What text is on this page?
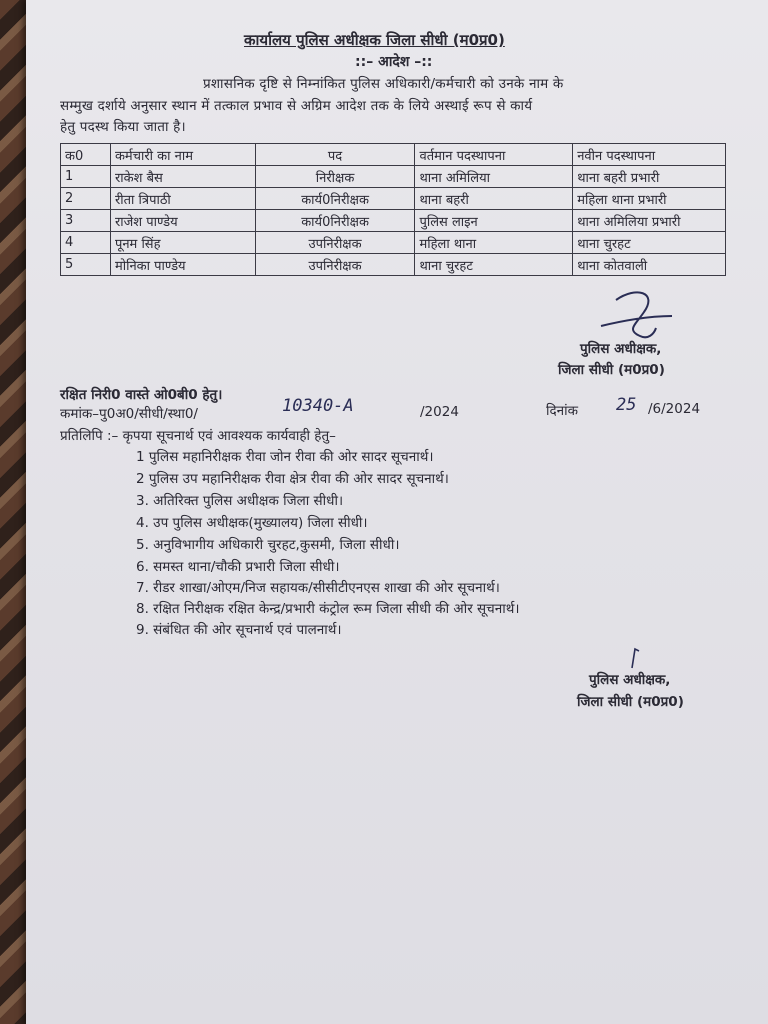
कार्यालय पुलिस अधीक्षक जिला सीधी (म0प्र0)
::– आदेश –::
प्रशासनिक दृष्टि से निम्नांकित पुलिस अधिकारी/कर्मचारी को उनके नाम के
सम्मुख दर्शाये अनुसार स्थान में तत्काल प्रभाव से अग्रिम आदेश तक के लिये अस्थाई रूप से कार्य
हेतु पदस्थ किया जाता है।
क0	कर्मचारी का नाम	पद	वर्तमान पदस्थापना	नवीन पदस्थापना
1	राकेश बैस	निरीक्षक	थाना अमिलिया	थाना बहरी प्रभारी
2	रीता त्रिपाठी	कार्य0निरीक्षक	थाना बहरी	महिला थाना प्रभारी
3	राजेश पाण्डेय	कार्य0निरीक्षक	पुलिस लाइन	थाना अमिलिया प्रभारी
4	पूनम सिंह	उपनिरीक्षक	महिला थाना	थाना चुरहट
5	मोनिका पाण्डेय	उपनिरीक्षक	थाना चुरहट	थाना कोतवाली
पुलिस अधीक्षक,
जिला सीधी (म0प्र0)
रक्षित निरी0 वास्ते ओ0बी0 हेतु।
कमांक–पु0अ0/सीधी/स्था0/	10340-A	/2024	दिनांक 25 /6/2024
प्रतिलिपि :– कृपया सूचनार्थ एवं आवश्यक कार्यवाही हेतु–
1 पुलिस महानिरीक्षक रीवा जोन रीवा की ओर सादर सूचनार्थ।
2 पुलिस उप महानिरीक्षक रीवा क्षेत्र रीवा की ओर सादर सूचनार्थ।
3. अतिरिक्त पुलिस अधीक्षक जिला सीधी।
4. उप पुलिस अधीक्षक(मुख्यालय) जिला सीधी।
5. अनुविभागीय अधिकारी चुरहट,कुसमी, जिला सीधी।
6. समस्त थाना/चौकी प्रभारी जिला सीधी।
7. रीडर शाखा/ओएम/निज सहायक/सीसीटीएनएस शाखा की ओर सूचनार्थ।
8. रक्षित निरीक्षक रक्षित केन्द्र/प्रभारी कंट्रोल रूम जिला सीधी की ओर सूचनार्थ।
9. संबंधित की ओर सूचनार्थ एवं पालनार्थ।
पुलिस अधीक्षक,
जिला सीधी (म0प्र0)
